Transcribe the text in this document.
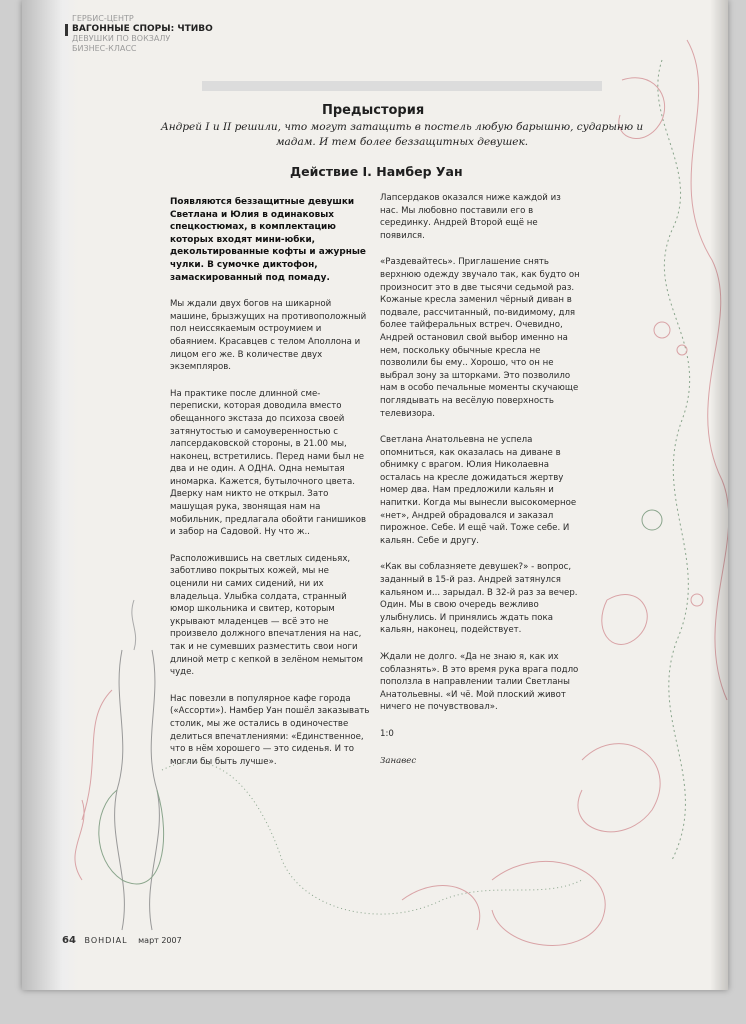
ГЕРБИС-ЦЕНТР
ВАГОННЫЕ СПОРЫ: ЧТИВО
ДЕВУШКИ ПО ВОКЗАЛУ
БИЗНЕС-КЛАСС
Предыстория
Андрей I и II решили, что могут затащить в постель любую барышню, сударыню и мадам. И тем более беззащитных девушек.
Действие I. Намбер Уан

Появляются беззащитные девушки Светлана и Юлия в одинаковых спецкостюмах, в комплектацию которых входят мини-юбки, декольтированные кофты и ажурные чулки. В сумочке диктофон, замаскированный под помаду.

Мы ждали двух богов на шикарной машине, брызжущих на противоположный пол неиссякаемым остроумием и обаянием. Красавцев с телом Аполлона и лицом его же. В количестве двух экземпляров.

На практике после длинной сме-перепиcки, которая доводила вместо обещанного экстаза до психоза своей затянутостью и самоуверенностью с лапсердаковской стороны, в 21.00 мы, наконец, встретились. Перед нами был не два и не один. А ОДНА. Одна немытая иномарка. Кажется, бутылочного цвета. Дверку нам никто не открыл. Зато машущая рука, звонящая нам на мобильник, предлагала обойти ганишиков и забор на Садовой. Ну что ж..

Расположившись на светлых сиденьях, заботливо покрытых кожей, мы не оценили ни самих сидений, ни их владельца. Улыбка солдата, странный юмор школьника и свитер, которым укрывают младенцев — всё это не произвело должного впечатления на нас, так и не сумевших разместить свои ноги длиной метр с кепкой в зелёном немытом чуде.

Нас повезли в популярное кафе города («Ассорти»). Намбер Уан пошёл заказывать столик, мы же остались в одиночестве делиться впечатлениями: «Единственное, что в нём хорошего — это сиденья. И то могли бы быть лучше».

Лапсердаков оказался ниже каждой из нас. Мы любовно поставили его в серединку. Андрей Второй ещё не появился.

«Раздевайтесь». Приглашение снять верхнюю одежду звучало так, как будто он произносит это в две тысячи седьмой раз. Кожаные кресла заменил чёрный диван в подвале, рассчитанный, по-видимому, для более тайферальных встреч. Очевидно, Андрей остановил свой выбор именно на нем, поскольку обычные кресла не позволили бы ему.. Хорошо, что он не выбрал зону за шторками. Это позволило нам в особо печальные моменты скучающе поглядывать на весёлую поверхность телевизора.

Светлана Анатольевна не успела опомниться, как оказалась на диване в обнимку с врагом. Юлия Николаевна осталась на кресле дожидаться жертву номер два. Нам предложили кальян и напитки. Когда мы вынесли высокомерное «нет», Андрей обрадовался и заказал пирожное. Себе. И ещё чай. Тоже себе. И кальян. Себе и другу.

«Как вы соблазняете девушек?» - вопрос, заданный в 15-й раз. Андрей затянулся кальяном и... зарыдал. В 32-й раз за вечер. Один. Мы в свою очередь вежливо улыбнулись. И принялись ждать пока кальян, наконец, подействует.

Ждали не долго. «Да не знаю я, как их соблазнять». В это время рука врага подло поползла в направлении талии Светланы Анатольевны. «И чё. Мой плоский живот ничего не почувствовал».

1:0

Занавес

64 BOHDIAL март 2007
